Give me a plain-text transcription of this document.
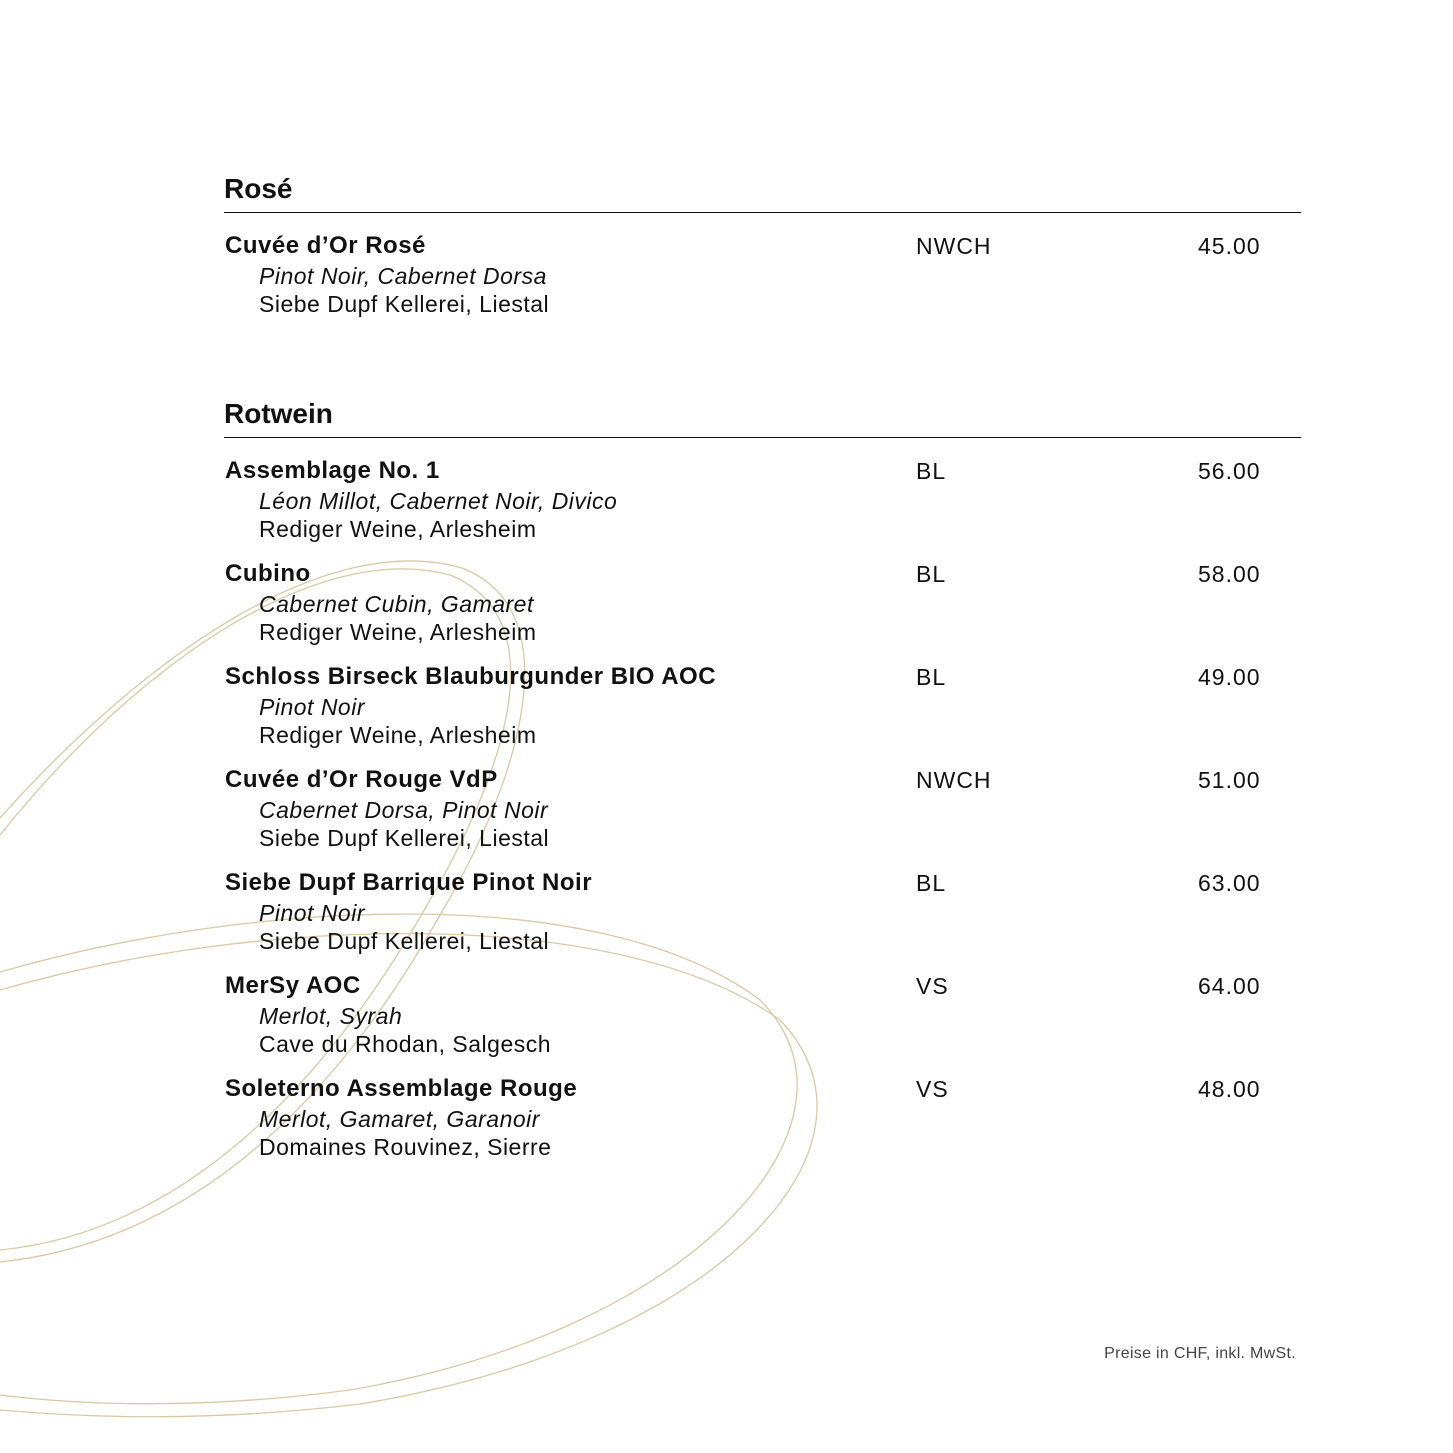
Rosé
Cuvée d’Or Rosé
Pinot Noir, Cabernet Dorsa
Siebe Dupf Kellerei, Liestal
NWCH	45.00
Rotwein
Assemblage No. 1
Léon Millot, Cabernet Noir, Divico
Rediger Weine, Arlesheim
BL	56.00
Cubino
Cabernet Cubin, Gamaret
Rediger Weine, Arlesheim
BL	58.00
Schloss Birseck Blauburgunder BIO AOC
Pinot Noir
Rediger Weine, Arlesheim
BL	49.00
Cuvée d’Or Rouge VdP
Cabernet Dorsa, Pinot Noir
Siebe Dupf Kellerei, Liestal
NWCH	51.00
Siebe Dupf Barrique Pinot Noir
Pinot Noir
Siebe Dupf Kellerei, Liestal
BL	63.00
MerSy AOC
Merlot, Syrah
Cave du Rhodan, Salgesch
VS	64.00
Soleterno Assemblage Rouge
Merlot, Gamaret, Garanoir
Domaines Rouvinez, Sierre
VS	48.00
Preise in CHF, inkl. MwSt.
